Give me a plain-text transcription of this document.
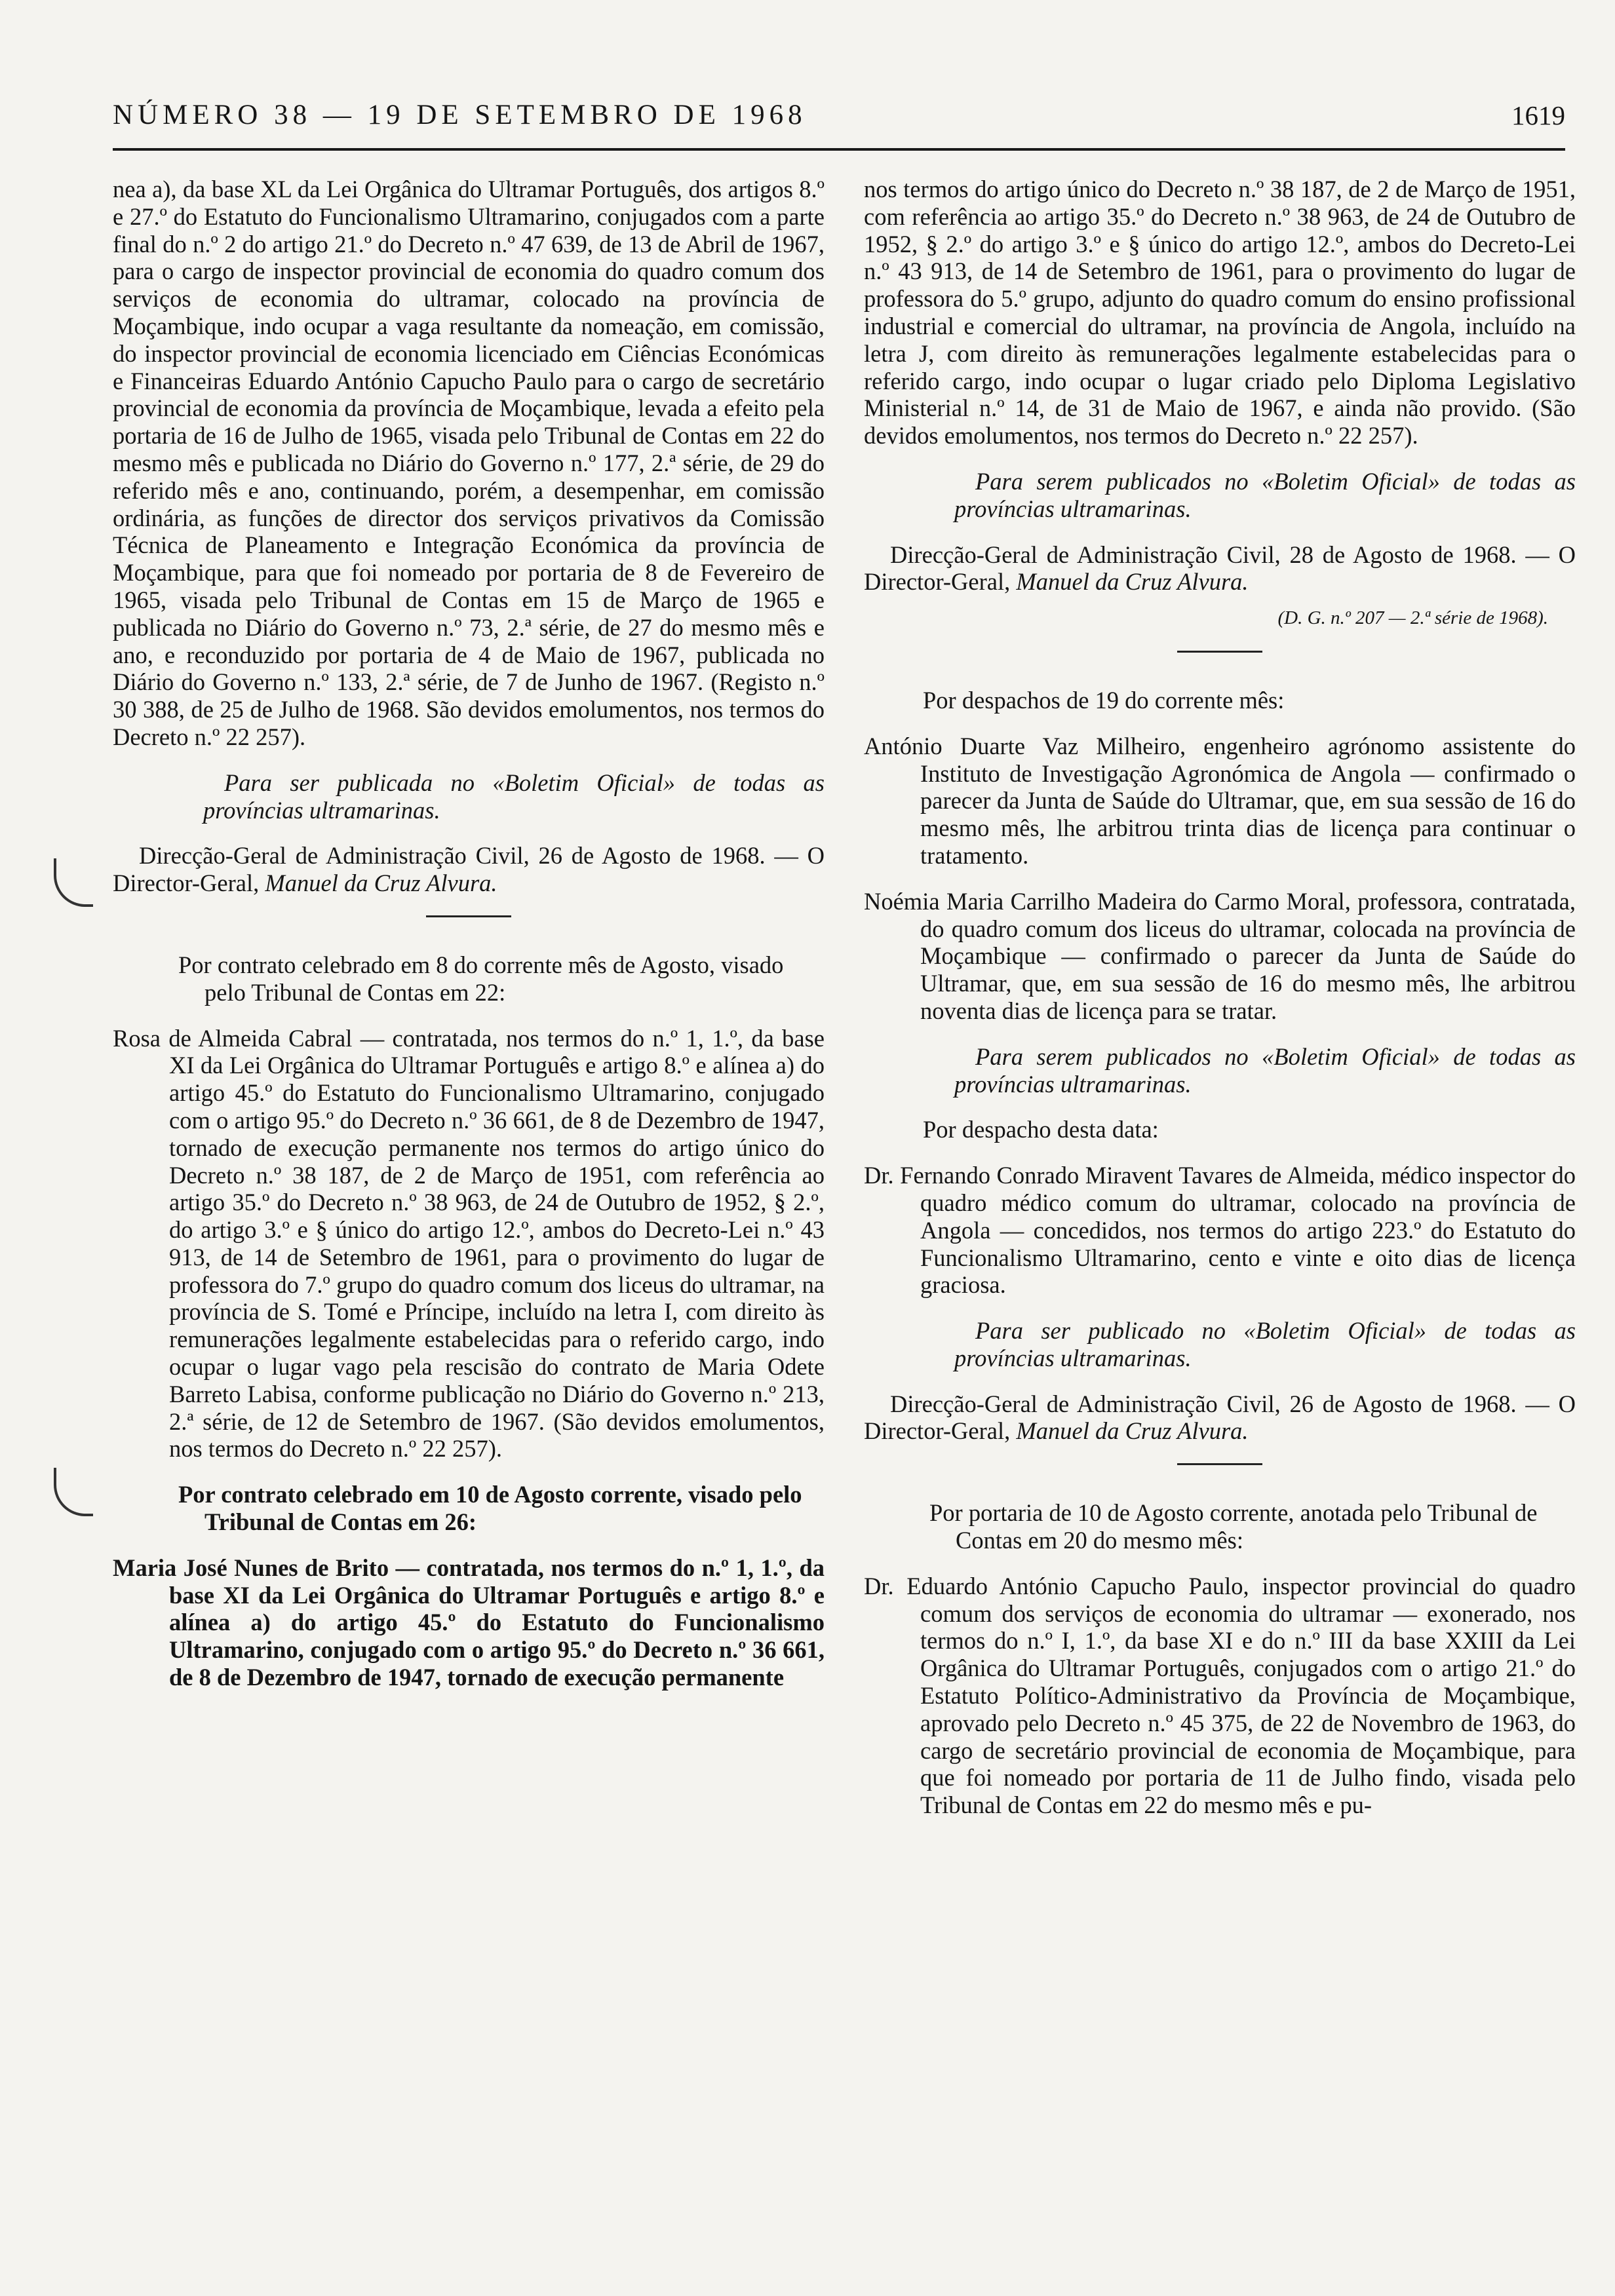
NÚMERO 38 — 19 DE SETEMBRO DE 1968	1619

nea a), da base XL da Lei Orgânica do Ultramar Português, dos artigos 8.º e 27.º do Estatuto do Funcionalismo Ultramarino, conjugados com a parte final do n.º 2 do artigo 21.º do Decreto n.º 47 639, de 13 de Abril de 1967, para o cargo de inspector provincial de economia do quadro comum dos serviços de economia do ultramar, colocado na província de Moçambique, indo ocupar a vaga resultante da nomeação, em comissão, do inspector provincial de economia licenciado em Ciências Económicas e Financeiras Eduardo António Capucho Paulo para o cargo de secretário provincial de economia da província de Moçambique, levada a efeito pela portaria de 16 de Julho de 1965, visada pelo Tribunal de Contas em 22 do mesmo mês e publicada no Diário do Governo n.º 177, 2.ª série, de 29 do referido mês e ano, continuando, porém, a desempenhar, em comissão ordinária, as funções de director dos serviços privativos da Comissão Técnica de Planeamento e Integração Económica da província de Moçambique, para que foi nomeado por portaria de 8 de Fevereiro de 1965, visada pelo Tribunal de Contas em 15 de Março de 1965 e publicada no Diário do Governo n.º 73, 2.ª série, de 27 do mesmo mês e ano, e reconduzido por portaria de 4 de Maio de 1967, publicada no Diário do Governo n.º 133, 2.ª série, de 7 de Junho de 1967. (Registo n.º 30 388, de 25 de Julho de 1968. São devidos emolumentos, nos termos do Decreto n.º 22 257).

Para ser publicada no «Boletim Oficial» de todas as províncias ultramarinas.

Direcção-Geral de Administração Civil, 26 de Agosto de 1968. — O Director-Geral, Manuel da Cruz Alvura.

Por contrato celebrado em 8 do corrente mês de Agosto, visado pelo Tribunal de Contas em 22:

Rosa de Almeida Cabral — contratada, nos termos do n.º 1, 1.º, da base XI da Lei Orgânica do Ultramar Português e artigo 8.º e alínea a) do artigo 45.º do Estatuto do Funcionalismo Ultramarino, conjugado com o artigo 95.º do Decreto n.º 36 661, de 8 de Dezembro de 1947, tornado de execução permanente nos termos do artigo único do Decreto n.º 38 187, de 2 de Março de 1951, com referência ao artigo 35.º do Decreto n.º 38 963, de 24 de Outubro de 1952, § 2.º, do artigo 3.º e § único do artigo 12.º, ambos do Decreto-Lei n.º 43 913, de 14 de Setembro de 1961, para o provimento do lugar de professora do 7.º grupo do quadro comum dos liceus do ultramar, na província de S. Tomé e Príncipe, incluído na letra I, com direito às remunerações legalmente estabelecidas para o referido cargo, indo ocupar o lugar vago pela rescisão do contrato de Maria Odete Barreto Labisa, conforme publicação no Diário do Governo n.º 213, 2.ª série, de 12 de Setembro de 1967. (São devidos emolumentos, nos termos do Decreto n.º 22 257).

Por contrato celebrado em 10 de Agosto corrente, visado pelo Tribunal de Contas em 26:

Maria José Nunes de Brito — contratada, nos termos do n.º 1, 1.º, da base XI da Lei Orgânica do Ultramar Português e artigo 8.º e alínea a) do artigo 45.º do Estatuto do Funcionalismo Ultramarino, conjugado com o artigo 95.º do Decreto n.º 36 661, de 8 de Dezembro de 1947, tornado de execução permanente

nos termos do artigo único do Decreto n.º 38 187, de 2 de Março de 1951, com referência ao artigo 35.º do Decreto n.º 38 963, de 24 de Outubro de 1952, § 2.º do artigo 3.º e § único do artigo 12.º, ambos do Decreto-Lei n.º 43 913, de 14 de Setembro de 1961, para o provimento do lugar de professora do 5.º grupo, adjunto do quadro comum do ensino profissional industrial e comercial do ultramar, na província de Angola, incluído na letra J, com direito às remunerações legalmente estabelecidas para o referido cargo, indo ocupar o lugar criado pelo Diploma Legislativo Ministerial n.º 14, de 31 de Maio de 1967, e ainda não provido. (São devidos emolumentos, nos termos do Decreto n.º 22 257).

Para serem publicados no «Boletim Oficial» de todas as províncias ultramarinas.

Direcção-Geral de Administração Civil, 28 de Agosto de 1968. — O Director-Geral, Manuel da Cruz Alvura.

(D. G. n.º 207 — 2.ª série de 1968).

Por despachos de 19 do corrente mês:

António Duarte Vaz Milheiro, engenheiro agrónomo assistente do Instituto de Investigação Agronómica de Angola — confirmado o parecer da Junta de Saúde do Ultramar, que, em sua sessão de 16 do mesmo mês, lhe arbitrou trinta dias de licença para continuar o tratamento.

Noémia Maria Carrilho Madeira do Carmo Moral, professora, contratada, do quadro comum dos liceus do ultramar, colocada na província de Moçambique — confirmado o parecer da Junta de Saúde do Ultramar, que, em sua sessão de 16 do mesmo mês, lhe arbitrou noventa dias de licença para se tratar.

Para serem publicados no «Boletim Oficial» de todas as províncias ultramarinas.

Por despacho desta data:

Dr. Fernando Conrado Miravent Tavares de Almeida, médico inspector do quadro médico comum do ultramar, colocado na província de Angola — concedidos, nos termos do artigo 223.º do Estatuto do Funcionalismo Ultramarino, cento e vinte e oito dias de licença graciosa.

Para ser publicado no «Boletim Oficial» de todas as províncias ultramarinas.

Direcção-Geral de Administração Civil, 26 de Agosto de 1968. — O Director-Geral, Manuel da Cruz Alvura.

Por portaria de 10 de Agosto corrente, anotada pelo Tribunal de Contas em 20 do mesmo mês:

Dr. Eduardo António Capucho Paulo, inspector provincial do quadro comum dos serviços de economia do ultramar — exonerado, nos termos do n.º I, 1.º, da base XI e do n.º III da base XXIII da Lei Orgânica do Ultramar Português, conjugados com o artigo 21.º do Estatuto Político-Administrativo da Província de Moçambique, aprovado pelo Decreto n.º 45 375, de 22 de Novembro de 1963, do cargo de secretário provincial de economia de Moçambique, para que foi nomeado por portaria de 11 de Julho findo, visada pelo Tribunal de Contas em 22 do mesmo mês e pu-
